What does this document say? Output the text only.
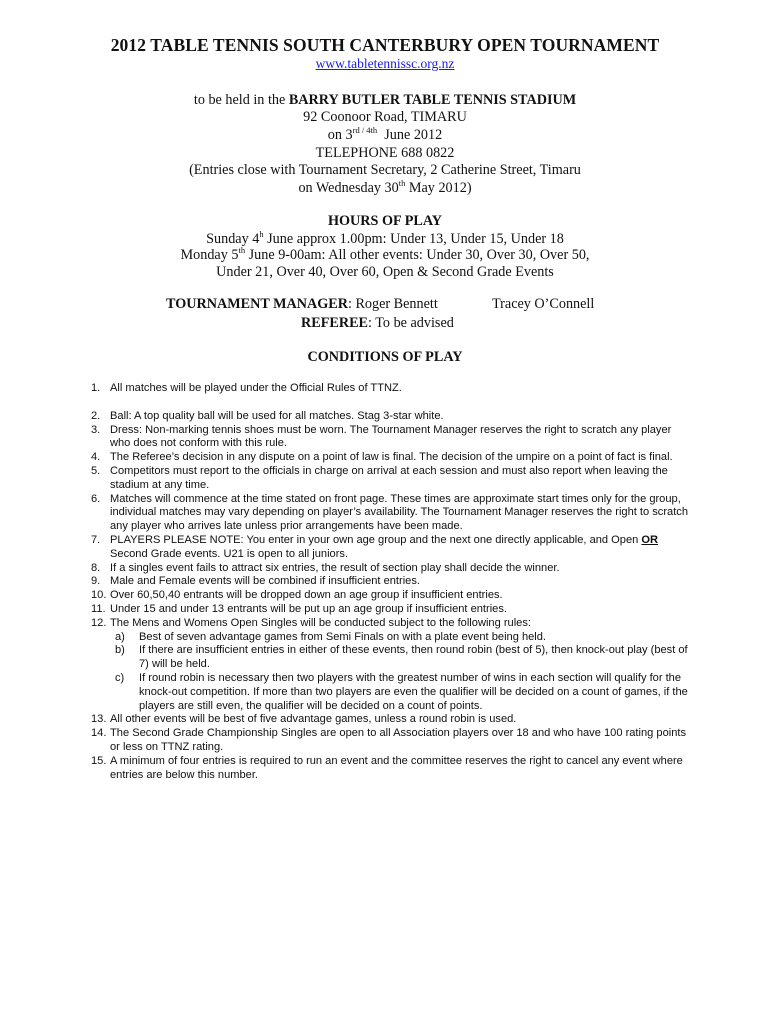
2012 TABLE TENNIS SOUTH CANTERBURY OPEN TOURNAMENT
www.tabletennissc.org.nz
to be held in the BARRY BUTLER TABLE TENNIS STADIUM
92 Coonoor Road, TIMARU
on $3^{rd / 4th}$  June 2012
TELEPHONE 688 0822
(Entries close with Tournament Secretary, 2 Catherine Street, Timaru
on Wednesday 30th May 2012)
HOURS OF PLAY
Sunday 4$^h$ June approx 1.00pm: Under 13, Under 15, Under 18
Monday 5th June 9-00am: All other events: Under 30, Over 30, Over 50,
Under 21, Over 40, Over 60, Open & Second Grade Events
TOURNAMENT MANAGER: Roger Bennett	Tracey O’Connell
REFEREE: To be advised
CONDITIONS OF PLAY
1. All matches will be played under the Official Rules of TTNZ.
2. Ball: A top quality ball will be used for all matches. Stag 3-star white.
3. Dress: Non-marking tennis shoes must be worn. The Tournament Manager reserves the right to scratch any player who does not conform with this rule.
4. The Referee’s decision in any dispute on a point of law is final. The decision of the umpire on a point of fact is final.
5. Competitors must report to the officials in charge on arrival at each session and must also report when leaving the stadium at any time.
6. Matches will commence at the time stated on front page. These times are approximate start times only for the group, individual matches may vary depending on player’s availability. The Tournament Manager reserves the right to scratch any player who arrives late unless prior arrangements have been made.
7. PLAYERS PLEASE NOTE: You enter in your own age group and the next one directly applicable, and Open OR Second Grade events. U21 is open to all juniors.
8. If a singles event fails to attract six entries, the result of section play shall decide the winner.
9. Male and Female events will be combined if insufficient entries.
10. Over 60,50,40 entrants will be dropped down an age group if insufficient entries.
11. Under 15 and under 13 entrants will be put up an age group if insufficient entries.
12. The Mens and Womens Open Singles will be conducted subject to the following rules:
a) Best of seven advantage games from Semi Finals on with a plate event being held.
b) If there are insufficient entries in either of these events, then round robin (best of 5), then knock-out play (best of 7) will be held.
c) If round robin is necessary then two players with the greatest number of wins in each section will qualify for the knock-out competition. If more than two players are even the qualifier will be decided on a count of games, if the players are still even, the qualifier will be decided on a count of points.
13. All other events will be best of five advantage games, unless a round robin is used.
14. The Second Grade Championship Singles are open to all Association players over 18 and who have 100 rating points or less on TTNZ rating.
15. A minimum of four entries is required to run an event and the committee reserves the right to cancel any event where entries are below this number.
